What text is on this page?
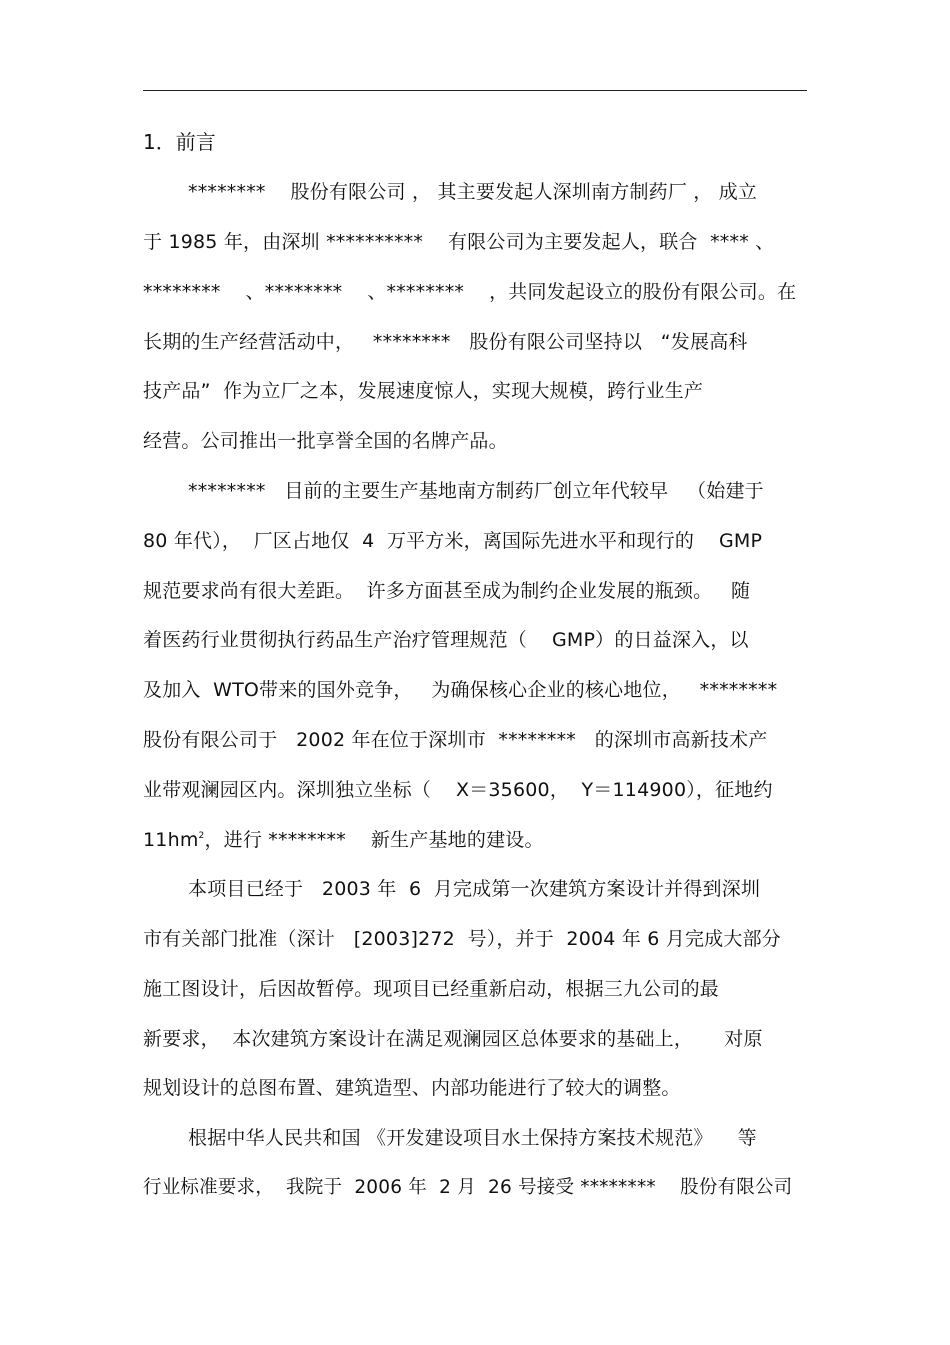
1．前言
********    股份有限公司 ， 其主要发起人深圳南方制药厂 ， 成立
于 1985 年，由深圳 **********    有限公司为主要发起人，联合  **** 、
********    、********    、********    ，共同发起设立的股份有限公司。在
长期的生产经营活动中，   ********   股份有限公司坚持以   “发展高科
技产品”  作为立厂之本，发展速度惊人，实现大规模，跨行业生产
经营。公司推出一批享誉全国的名牌产品。
********   目前的主要生产基地南方制药厂创立年代较早   （始建于
80 年代），  厂区占地仅  4  万平方米，离国际先进水平和现行的    GMP
规范要求尚有很大差距。  许多方面甚至成为制约企业发展的瓶颈。   随
着医药行业贯彻执行药品生产治疗管理规范（    GMP）的日益深入，以
及加入  WTO带来的国外竞争，   为确保核心企业的核心地位，   ********
股份有限公司于   2002 年在位于深圳市  ********   的深圳市高新技术产
业带观澜园区内。深圳独立坐标（    X＝35600，  Y＝114900），征地约
$11hm^2$，进行 ********    新生产基地的建设。
本项目已经于   2003 年  6  月完成第一次建筑方案设计并得到深圳
市有关部门批准（深计   [2003]272  号），并于  2004 年 6 月完成大部分
施工图设计，后因故暂停。现项目已经重新启动，根据三九公司的最
新要求，  本次建筑方案设计在满足观澜园区总体要求的基础上，     对原
规划设计的总图布置、建筑造型、内部功能进行了较大的调整。
根据中华人民共和国 《开发建设项目水土保持方案技术规范》    等
行业标准要求，  我院于  2006 年  2 月  26 号接受 ********    股份有限公司
